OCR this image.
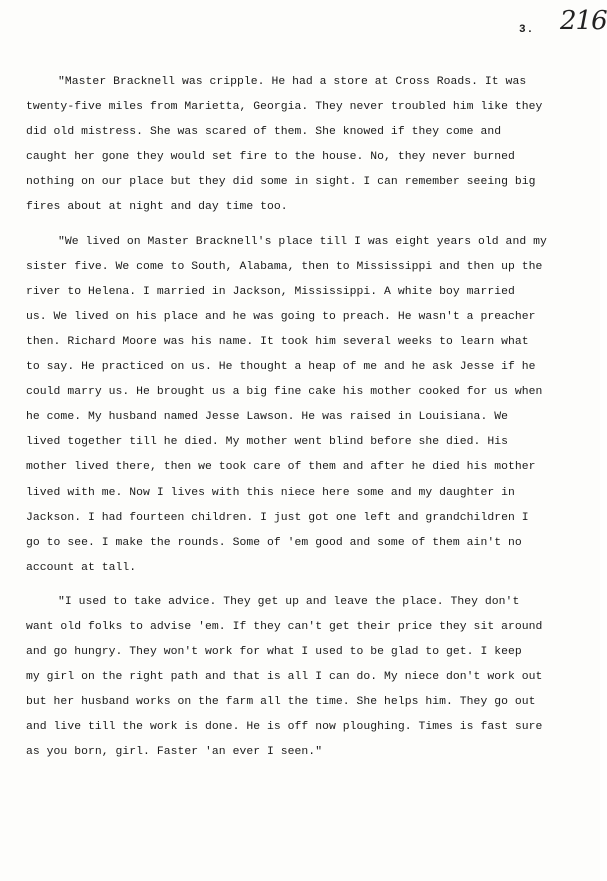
3. 216
"Master Bracknell was cripple. He had a store at Cross Roads. It was
twenty-five miles from Marietta, Georgia. They never troubled him like they
did old mistress. She was scared of them. She knowed if they come and
caught her gone they would set fire to the house. No, they never burned
nothing on our place but they did some in sight. I can remember seeing big
fires about at night and day time too.
"We lived on Master Bracknell's place till I was eight years old and my
sister five. We come to South, Alabama, then to Mississippi and then up the
river to Helena. I married in Jackson, Mississippi. A white boy married
us. We lived on his place and he was going to preach. He wasn't a preacher
then. Richard Moore was his name. It took him several weeks to learn what
to say. He practiced on us. He thought a heap of me and he ask Jesse if he
could marry us. He brought us a big fine cake his mother cooked for us when
he come. My husband named Jesse Lawson. He was raised in Louisiana. We
lived together till he died. My mother went blind before she died. His
mother lived there, then we took care of them and after he died his mother
lived with me. Now I lives with this niece here some and my daughter in
Jackson. I had fourteen children. I just got one left and grandchildren I
go to see. I make the rounds. Some of 'em good and some of them ain't no
account at tall.
"I used to take advice. They get up and leave the place. They don't
want old folks to advise 'em. If they can't get their price they sit around
and go hungry. They won't work for what I used to be glad to get. I keep
my girl on the right path and that is all I can do. My niece don't work out
but her husband works on the farm all the time. She helps him. They go out
and live till the work is done. He is off now ploughing. Times is fast sure
as you born, girl. Faster 'an ever I seen."
